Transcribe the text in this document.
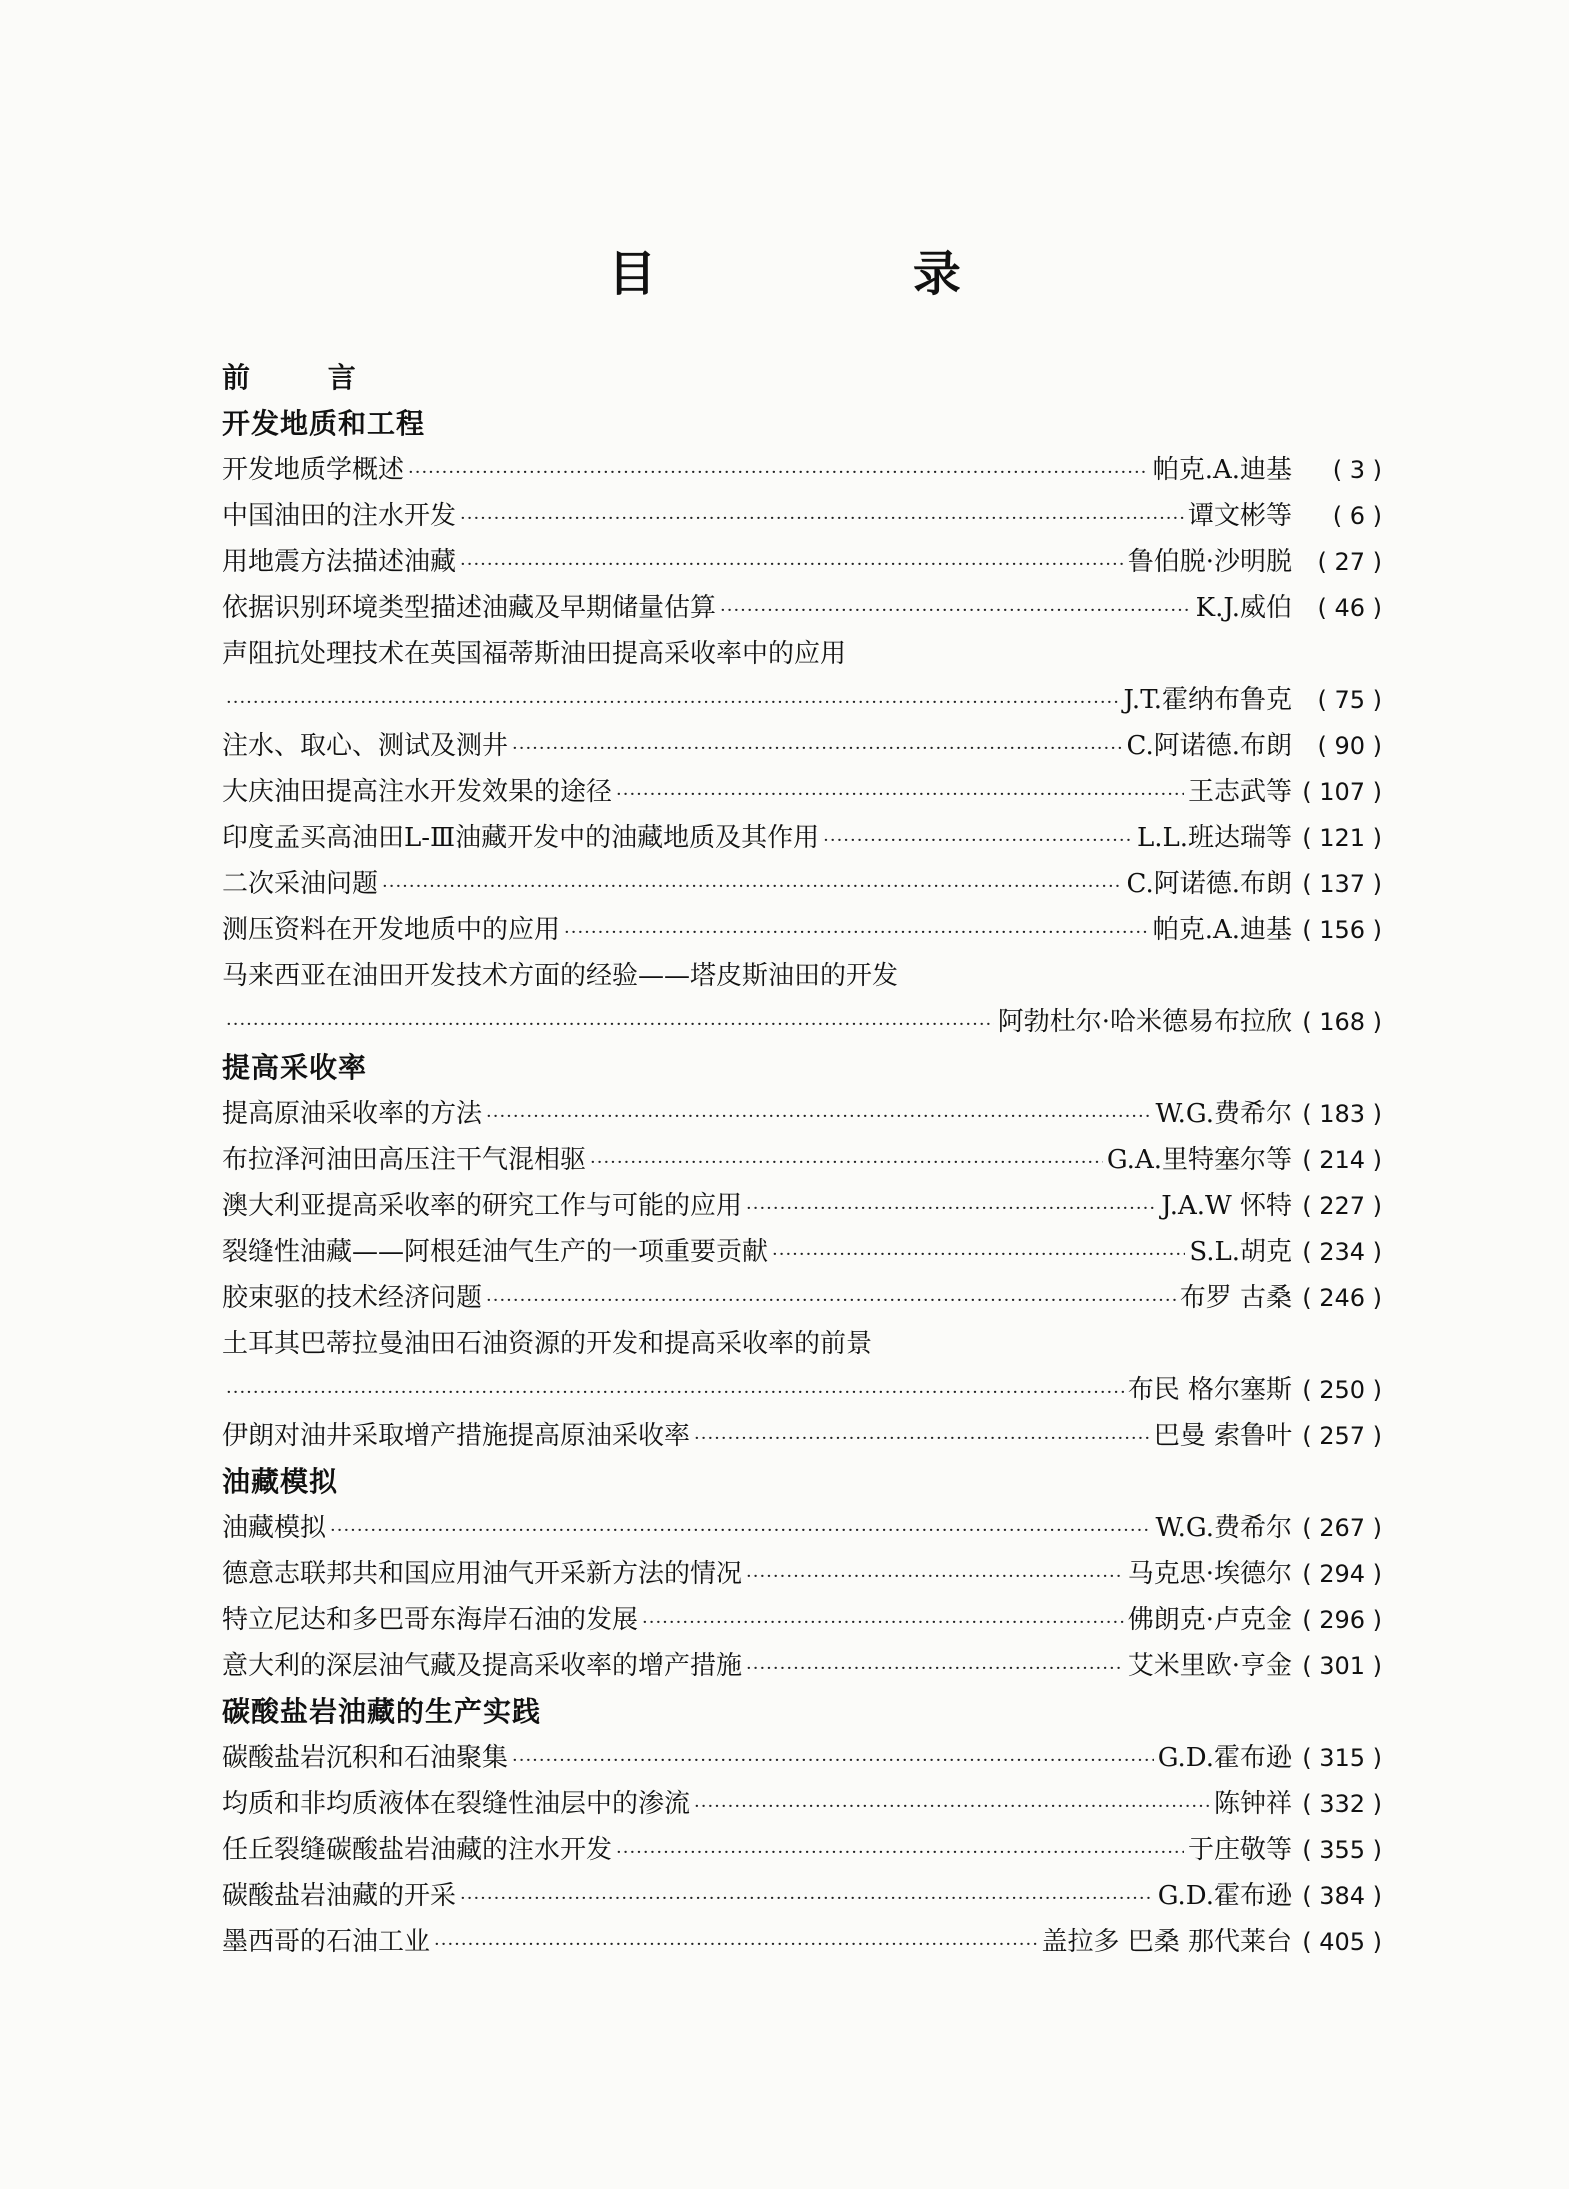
目 录
前 言
开发地质和工程
开发地质学概述 ·····	帕克.A.迪基	( 3 )
中国油田的注水开发 ·····	谭文彬等	( 6 )
用地震方法描述油藏 ·····	鲁伯脱·沙明脱	( 27 )
依据识别环境类型描述油藏及早期储量估算 ·····	K.J.威伯	( 46 )
声阻抗处理技术在英国福蒂斯油田提高采收率中的应用
·····
J.T.霍纳布鲁克	( 75 )
注水、取心、测试及测井 ·····	C.阿诺德.布朗	( 90 )
大庆油田提高注水开发效果的途径 ·····	王志武等	( 107 )
印度孟买高油田L-Ⅲ油藏开发中的油藏地质及其作用 ·····	L.L.班达瑞等	( 121 )
二次采油问题 ·····	C.阿诺德.布朗	( 137 )
测压资料在开发地质中的应用 ·····	帕克.A.迪基	( 156 )
马来西亚在油田开发技术方面的经验——塔皮斯油田的开发
·····
阿勃杜尔·哈米德易布拉欣	( 168 )
提高采收率
提高原油采收率的方法 ·····	W.G.费希尔	( 183 )
布拉泽河油田高压注干气混相驱 ·····	G.A.里特塞尔等	( 214 )
澳大利亚提高采收率的研究工作与可能的应用 ·····	J.A.W 怀特	( 227 )
裂缝性油藏——阿根廷油气生产的一项重要贡献 ·····	S.L.胡克	( 234 )
胶束驱的技术经济问题 ·····	布罗 古桑	( 246 )
土耳其巴蒂拉曼油田石油资源的开发和提高采收率的前景
·····
布民 格尔塞斯	( 250 )
伊朗对油井采取增产措施提高原油采收率 ·····	巴曼 索鲁叶	( 257 )
油藏模拟
油藏模拟 ·····	W.G.费希尔	( 267 )
德意志联邦共和国应用油气开采新方法的情况 ·····	马克思·埃德尔	( 294 )
特立尼达和多巴哥东海岸石油的发展 ·····	佛朗克·卢克金	( 296 )
意大利的深层油气藏及提高采收率的增产措施 ·····	艾米里欧·亨金	( 301 )
碳酸盐岩油藏的生产实践
碳酸盐岩沉积和石油聚集 ·····	G.D.霍布逊	( 315 )
均质和非均质液体在裂缝性油层中的渗流 ·····	陈钟祥	( 332 )
任丘裂缝碳酸盐岩油藏的注水开发 ·····	于庄敬等	( 355 )
碳酸盐岩油藏的开采 ·····	G.D.霍布逊	( 384 )
墨西哥的石油工业 ·····	盖拉多 巴桑 那代莱台	( 405 )
